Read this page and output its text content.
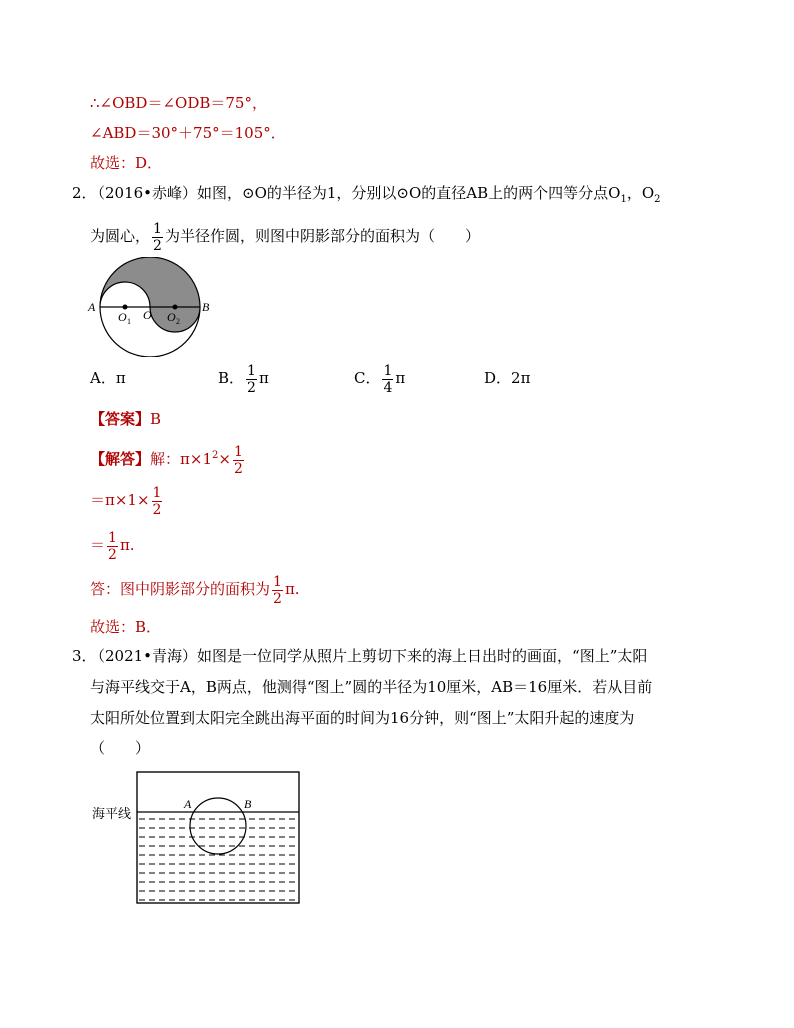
∴∠OBD＝∠ODB＝75°，
∠ABD＝30°＋75°＝105°．
故选：D．
2．
（2016•赤峰）如图，⊙O的半径为1，分别以⊙O的直径AB上的两个四等分点$O_1$，$O_2$
为圆心， $\frac{1}{2}$ 为半径作圆，则图中阴影部分的面积为（　　）
A	B
O
O 1	O 2
A．π	B． $\frac{1}{2}$ π	C． $\frac{1}{4}$ π	D．2π
【答案】B
【解答】解：$\pi\times 1^2\times \frac{1}{2}$
$=\pi\times 1\times \frac{1}{2}$
＝ $\frac{1}{2} \pi$.
答：图中阴影部分的面积为 $\frac{1}{2} \pi$.
故选：B．
3．
（2021•青海）如图是一位同学从照片上剪切下来的海上日出时的画面，“图上”太阳
与海平线交于A，B两点，他测得“图上”圆的半径为10厘米，AB＝16厘米．若从目前
太阳所处位置到太阳完全跳出海平面的时间为16分钟，则“图上”太阳升起的速度为
（　　）
海平线
A	B
